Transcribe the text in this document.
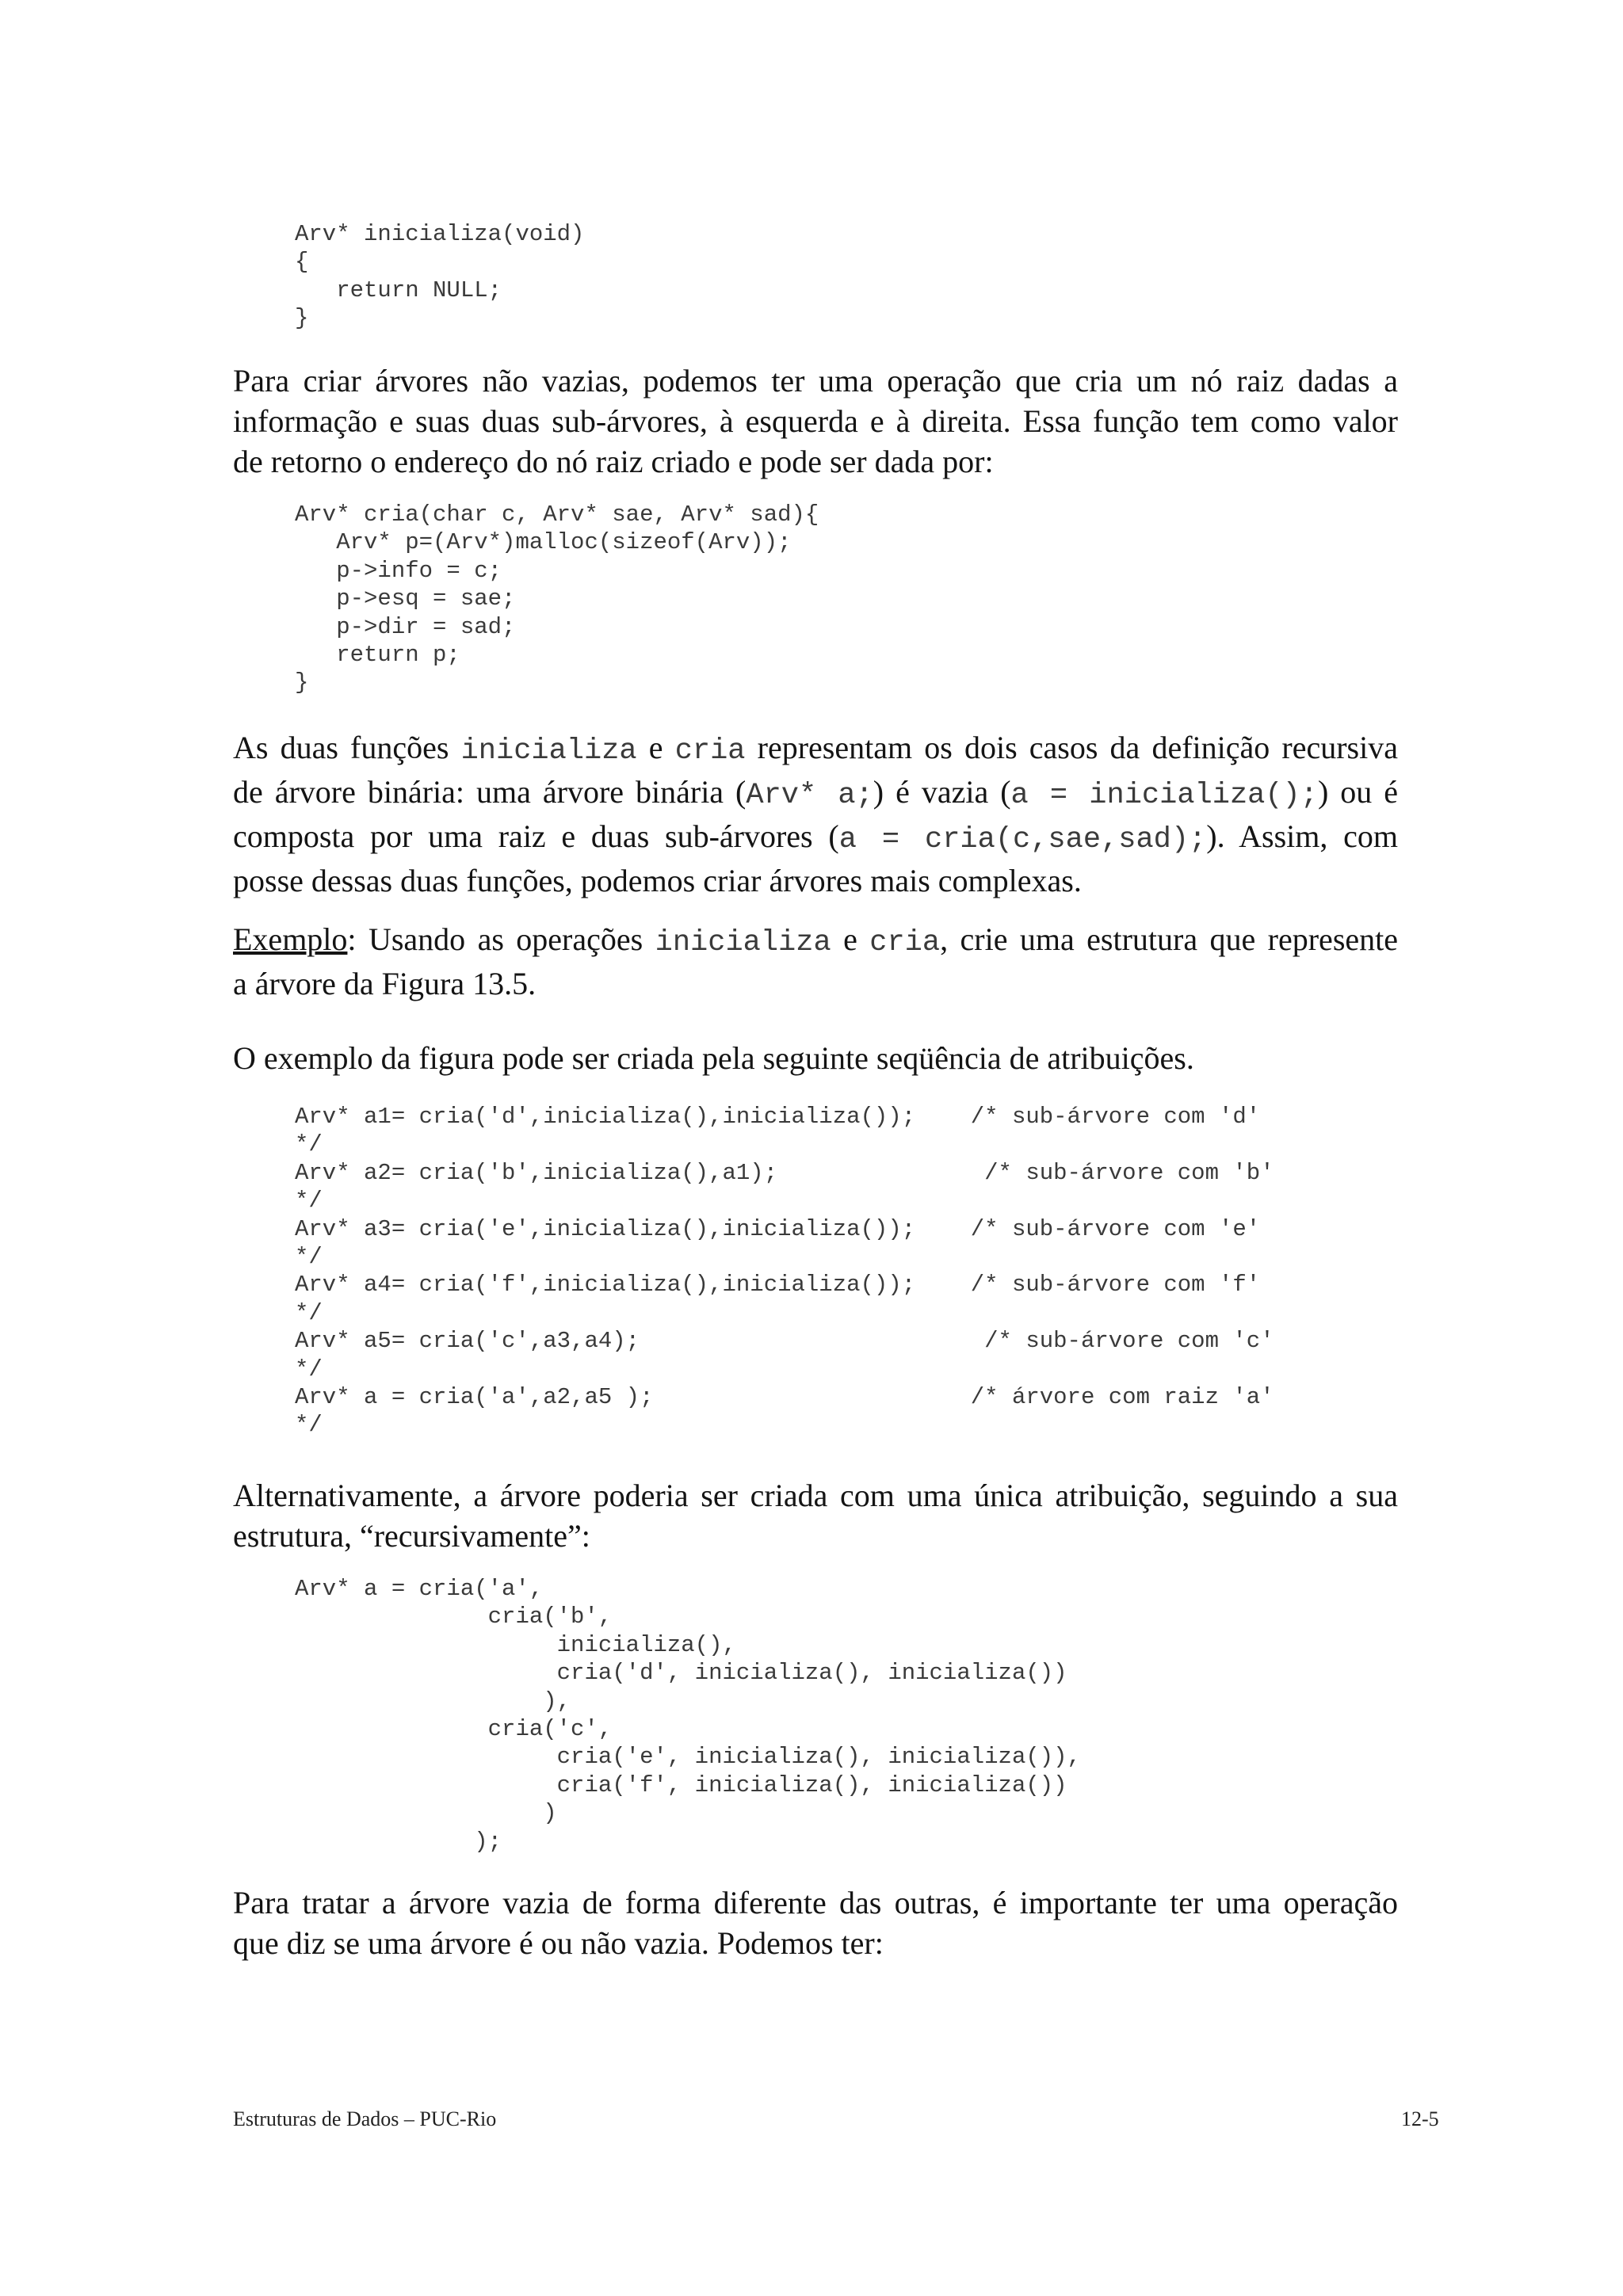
Arv* inicializa(void)
{
return NULL;
}
Para criar árvores não vazias, podemos ter uma operação que cria um nó raiz dadas a
informação e suas duas sub-árvores, à esquerda e à direita. Essa função tem como valor
de retorno o endereço do nó raiz criado e pode ser dada por:
Arv* cria(char c, Arv* sae, Arv* sad){
Arv* p=(Arv*)malloc(sizeof(Arv));
p->info = c;
p->esq = sae;
p->dir = sad;
return p;
}
As duas funções inicializa e cria representam os dois casos da definição recursiva
de árvore binária: uma árvore binária (Arv* a;) é vazia (a = inicializa();) ou é
composta por uma raiz e duas sub-árvores (a = cria(c,sae,sad);). Assim, com
posse dessas duas funções, podemos criar árvores mais complexas.
Exemplo: Usando as operações inicializa e cria, crie uma estrutura que represente
a árvore da Figura 13.5.
O exemplo da figura pode ser criada pela seguinte seqüência de atribuições.
Arv* a1= cria('d',inicializa(),inicializa());    /* sub-árvore com 'd'
*/
Arv* a2= cria('b',inicializa(),a1);               /* sub-árvore com 'b'
*/
Arv* a3= cria('e',inicializa(),inicializa());    /* sub-árvore com 'e'
*/
Arv* a4= cria('f',inicializa(),inicializa());    /* sub-árvore com 'f'
*/
Arv* a5= cria('c',a3,a4);                         /* sub-árvore com 'c'
*/
Arv* a = cria('a',a2,a5 );                       /* árvore com raiz 'a'
*/
Alternativamente, a árvore poderia ser criada com uma única atribuição, seguindo a sua
estrutura, “recursivamente”:
Arv* a = cria('a',
cria('b',
inicializa(),
cria('d', inicializa(), inicializa())
),
cria('c',
cria('e', inicializa(), inicializa()),
cria('f', inicializa(), inicializa())
)
);
Para tratar a árvore vazia de forma diferente das outras, é importante ter uma operação
que diz se uma árvore é ou não vazia. Podemos ter:
Estruturas de Dados – PUC-Rio	12-5
